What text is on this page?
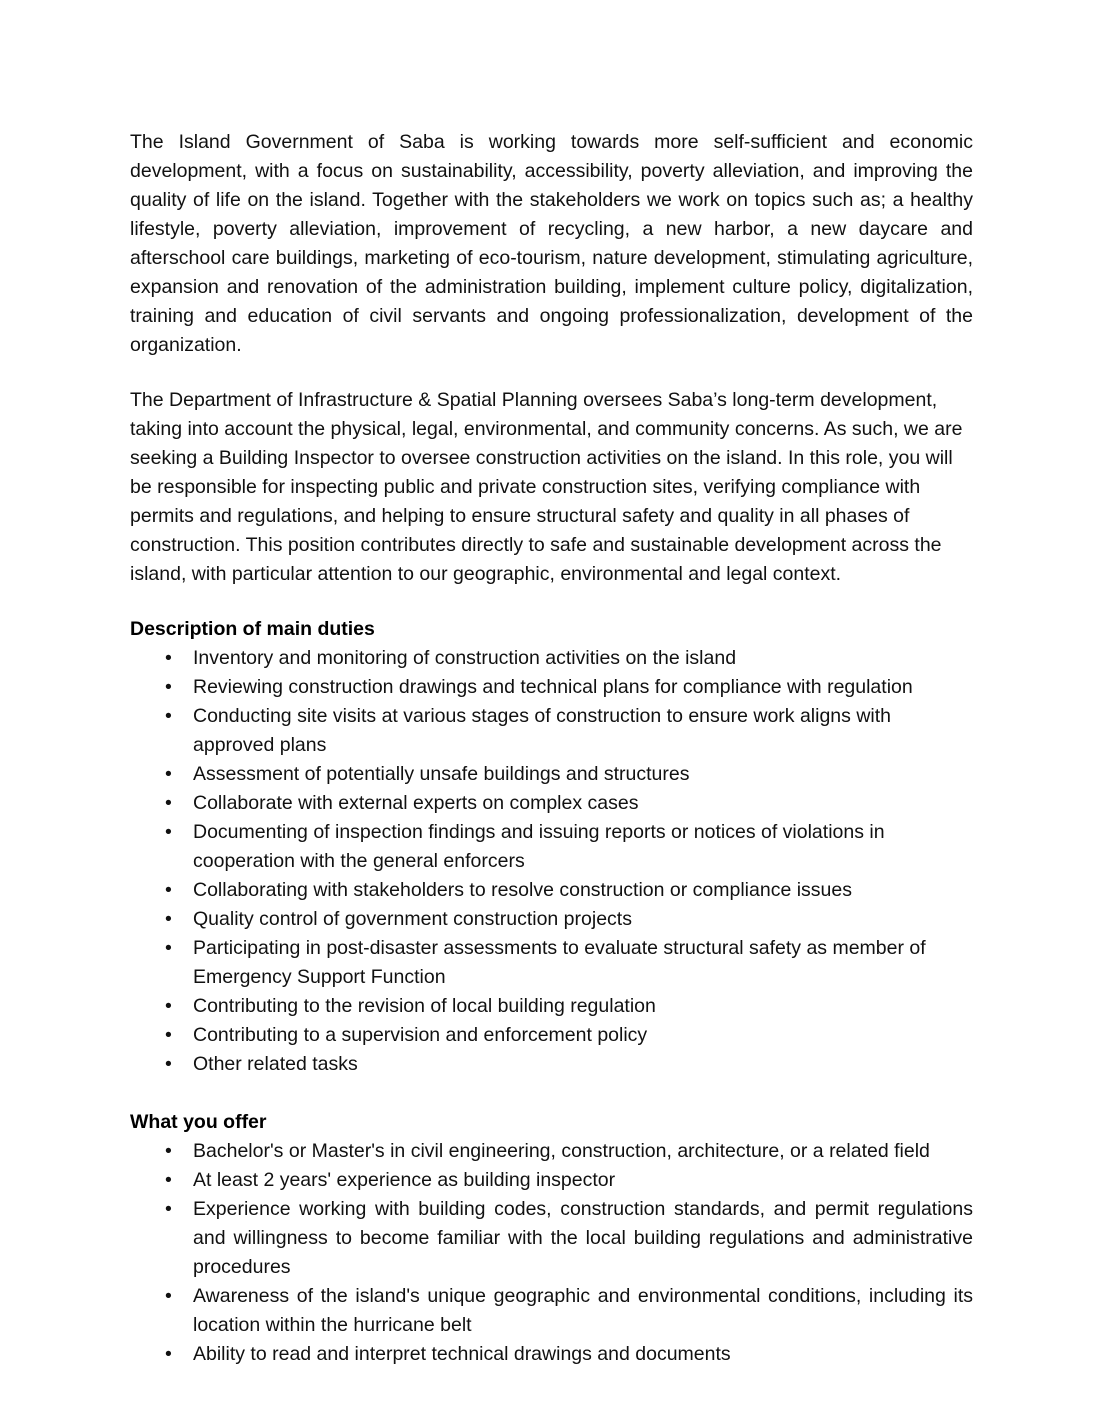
The Island Government of Saba is working towards more self-sufficient and economic development, with a focus on sustainability, accessibility, poverty alleviation, and improving the quality of life on the island. Together with the stakeholders we work on topics such as; a healthy lifestyle, poverty alleviation, improvement of recycling, a new harbor, a new daycare and afterschool care buildings, marketing of eco-tourism, nature development, stimulating agriculture, expansion and renovation of the administration building, implement culture policy, digitalization, training and education of civil servants and ongoing professionalization, development of the organization.

The Department of Infrastructure & Spatial Planning oversees Saba’s long-term development, taking into account the physical, legal, environmental, and community concerns. As such, we are seeking a Building Inspector to oversee construction activities on the island. In this role, you will be responsible for inspecting public and private construction sites, verifying compliance with permits and regulations, and helping to ensure structural safety and quality in all phases of construction. This position contributes directly to safe and sustainable development across the island, with particular attention to our geographic, environmental and legal context.

Description of main duties
• Inventory and monitoring of construction activities on the island
• Reviewing construction drawings and technical plans for compliance with regulation
• Conducting site visits at various stages of construction to ensure work aligns with approved plans
• Assessment of potentially unsafe buildings and structures
• Collaborate with external experts on complex cases
• Documenting of inspection findings and issuing reports or notices of violations in cooperation with the general enforcers
• Collaborating with stakeholders to resolve construction or compliance issues
• Quality control of government construction projects
• Participating in post-disaster assessments to evaluate structural safety as member of Emergency Support Function
• Contributing to the revision of local building regulation
• Contributing to a supervision and enforcement policy
• Other related tasks
What you offer
• Bachelor's or Master's in civil engineering, construction, architecture, or a related field
• At least 2 years' experience as building inspector
• Experience working with building codes, construction standards, and permit regulations and willingness to become familiar with the local building regulations and administrative procedures
• Awareness of the island's unique geographic and environmental conditions, including its location within the hurricane belt
• Ability to read and interpret technical drawings and documents
